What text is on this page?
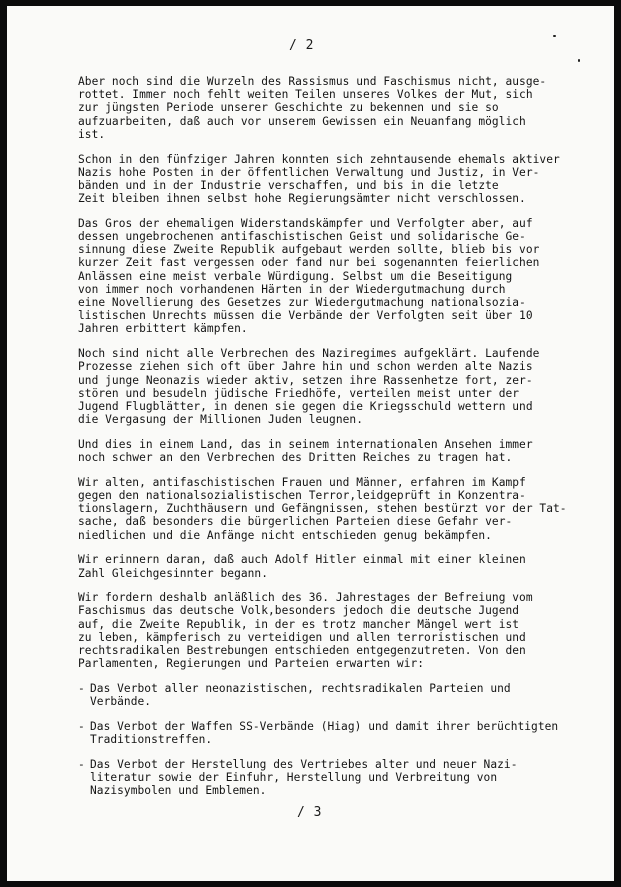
/ 2

Aber noch sind die Wurzeln des Rassismus und Faschismus nicht, ausge-
rottet. Immer noch fehlt weiten Teilen unseres Volkes der Mut, sich
zur jüngsten Periode unserer Geschichte zu bekennen und sie so
aufzuarbeiten, daß auch vor unserem Gewissen ein Neuanfang möglich
ist.

Schon in den fünfziger Jahren konnten sich zehntausende ehemals aktiver
Nazis hohe Posten in der öffentlichen Verwaltung und Justiz, in Ver-
bänden und in der Industrie verschaffen, und bis in die letzte
Zeit bleiben ihnen selbst hohe Regierungsämter nicht verschlossen.

Das Gros der ehemaligen Widerstandskämpfer und Verfolgter aber, auf
dessen ungebrochenen antifaschistischen Geist und solidarische Ge-
sinnung diese Zweite Republik aufgebaut werden sollte, blieb bis vor
kurzer Zeit fast vergessen oder fand nur bei sogenannten feierlichen
Anlässen eine meist verbale Würdigung. Selbst um die Beseitigung
von immer noch vorhandenen Härten in der Wiedergutmachung durch
eine Novellierung des Gesetzes zur Wiedergutmachung nationalsozia-
listischen Unrechts müssen die Verbände der Verfolgten seit über 10
Jahren erbittert kämpfen.

Noch sind nicht alle Verbrechen des Naziregimes aufgeklärt. Laufende
Prozesse ziehen sich oft über Jahre hin und schon werden alte Nazis
und junge Neonazis wieder aktiv, setzen ihre Rassenhetze fort, zer-
stören und besudeln jüdische Friedhöfe, verteilen meist unter der
Jugend Flugblätter, in denen sie gegen die Kriegsschuld wettern und
die Vergasung der Millionen Juden leugnen.

Und dies in einem Land, das in seinem internationalen Ansehen immer
noch schwer an den Verbrechen des Dritten Reiches zu tragen hat.

Wir alten, antifaschistischen Frauen und Männer, erfahren im Kampf
gegen den nationalsozialistischen Terror,leidgeprüft in Konzentra-
tionslagern, Zuchthäusern und Gefängnissen, stehen bestürzt vor der Tat-
sache, daß besonders die bürgerlichen Parteien diese Gefahr ver-
niedlichen und die Anfänge nicht entschieden genug bekämpfen.

Wir erinnern daran, daß auch Adolf Hitler einmal mit einer kleinen
Zahl Gleichgesinnter begann.

Wir fordern deshalb anläßlich des 36. Jahrestages der Befreiung vom
Faschismus das deutsche Volk,besonders jedoch die deutsche Jugend
auf, die Zweite Republik, in der es trotz mancher Mängel wert ist
zu leben, kämpferisch zu verteidigen und allen terroristischen und
rechtsradikalen Bestrebungen entschieden entgegenzutreten. Von den
Parlamenten, Regierungen und Parteien erwarten wir:

- Das Verbot aller neonazistischen, rechtsradikalen Parteien und
Verbände.
- Das Verbot der Waffen SS-Verbände (Hiag) und damit ihrer berüchtigten
Traditionstreffen.
- Das Verbot der Herstellung des Vertriebes alter und neuer Nazi-
literatur sowie der Einfuhr, Herstellung und Verbreitung von
Nazisymbolen und Emblemen.
/ 3
